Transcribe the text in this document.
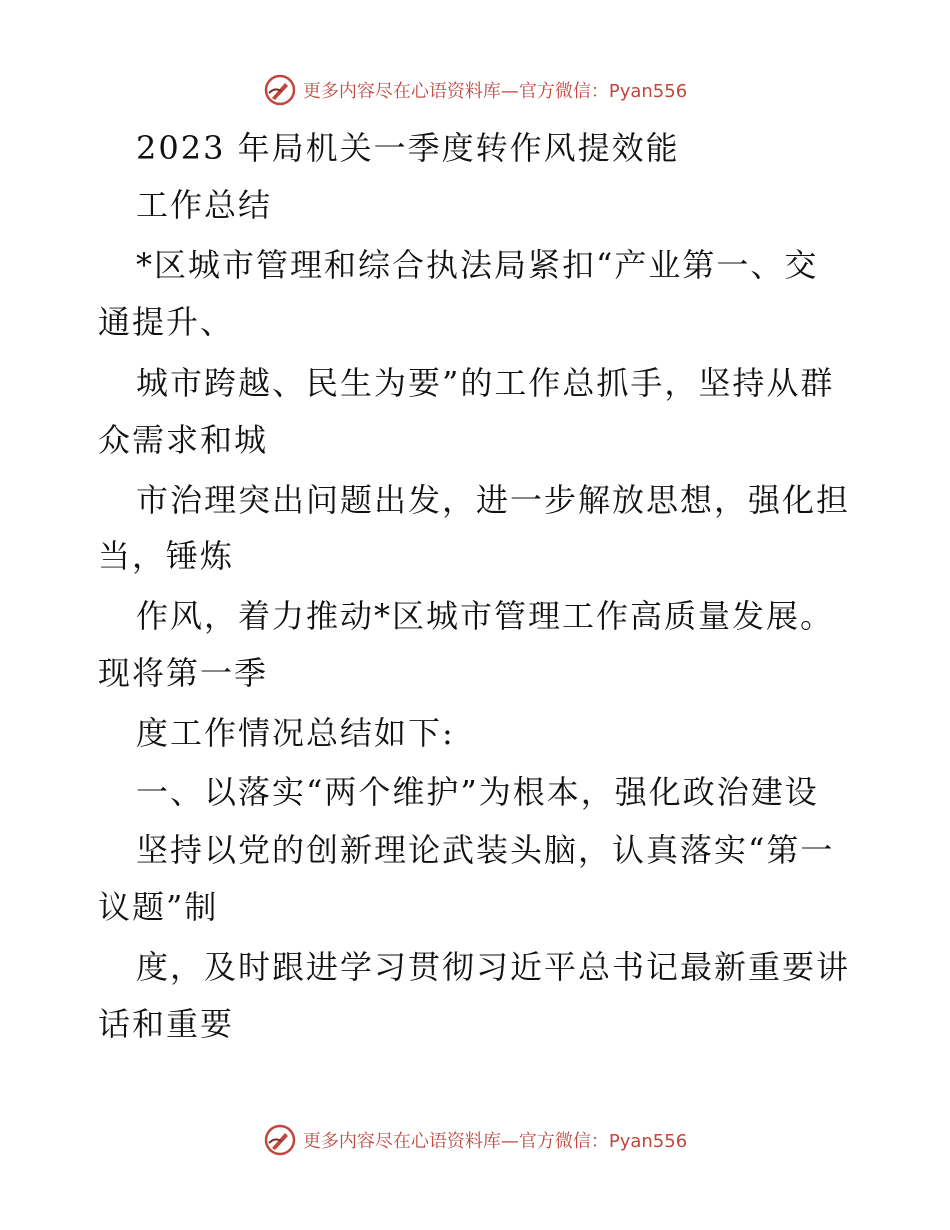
更多内容尽在心语资料库—官方微信：Pyan556
2023 年局机关一季度转作风提效能
工作总结
*区城市管理和综合执法局紧扣“产业第一、交
通提升、
城市跨越、民生为要”的工作总抓手，坚持从群
众需求和城
市治理突出问题出发，进一步解放思想，强化担
当，锤炼
作风，着力推动*区城市管理工作高质量发展。
现将第一季
度工作情况总结如下:
一、以落实“两个维护”为根本，强化政治建设
坚持以党的创新理论武装头脑，认真落实“第一
议题”制
度，及时跟进学习贯彻习近平总书记最新重要讲
话和重要
更多内容尽在心语资料库—官方微信：Pyan556
